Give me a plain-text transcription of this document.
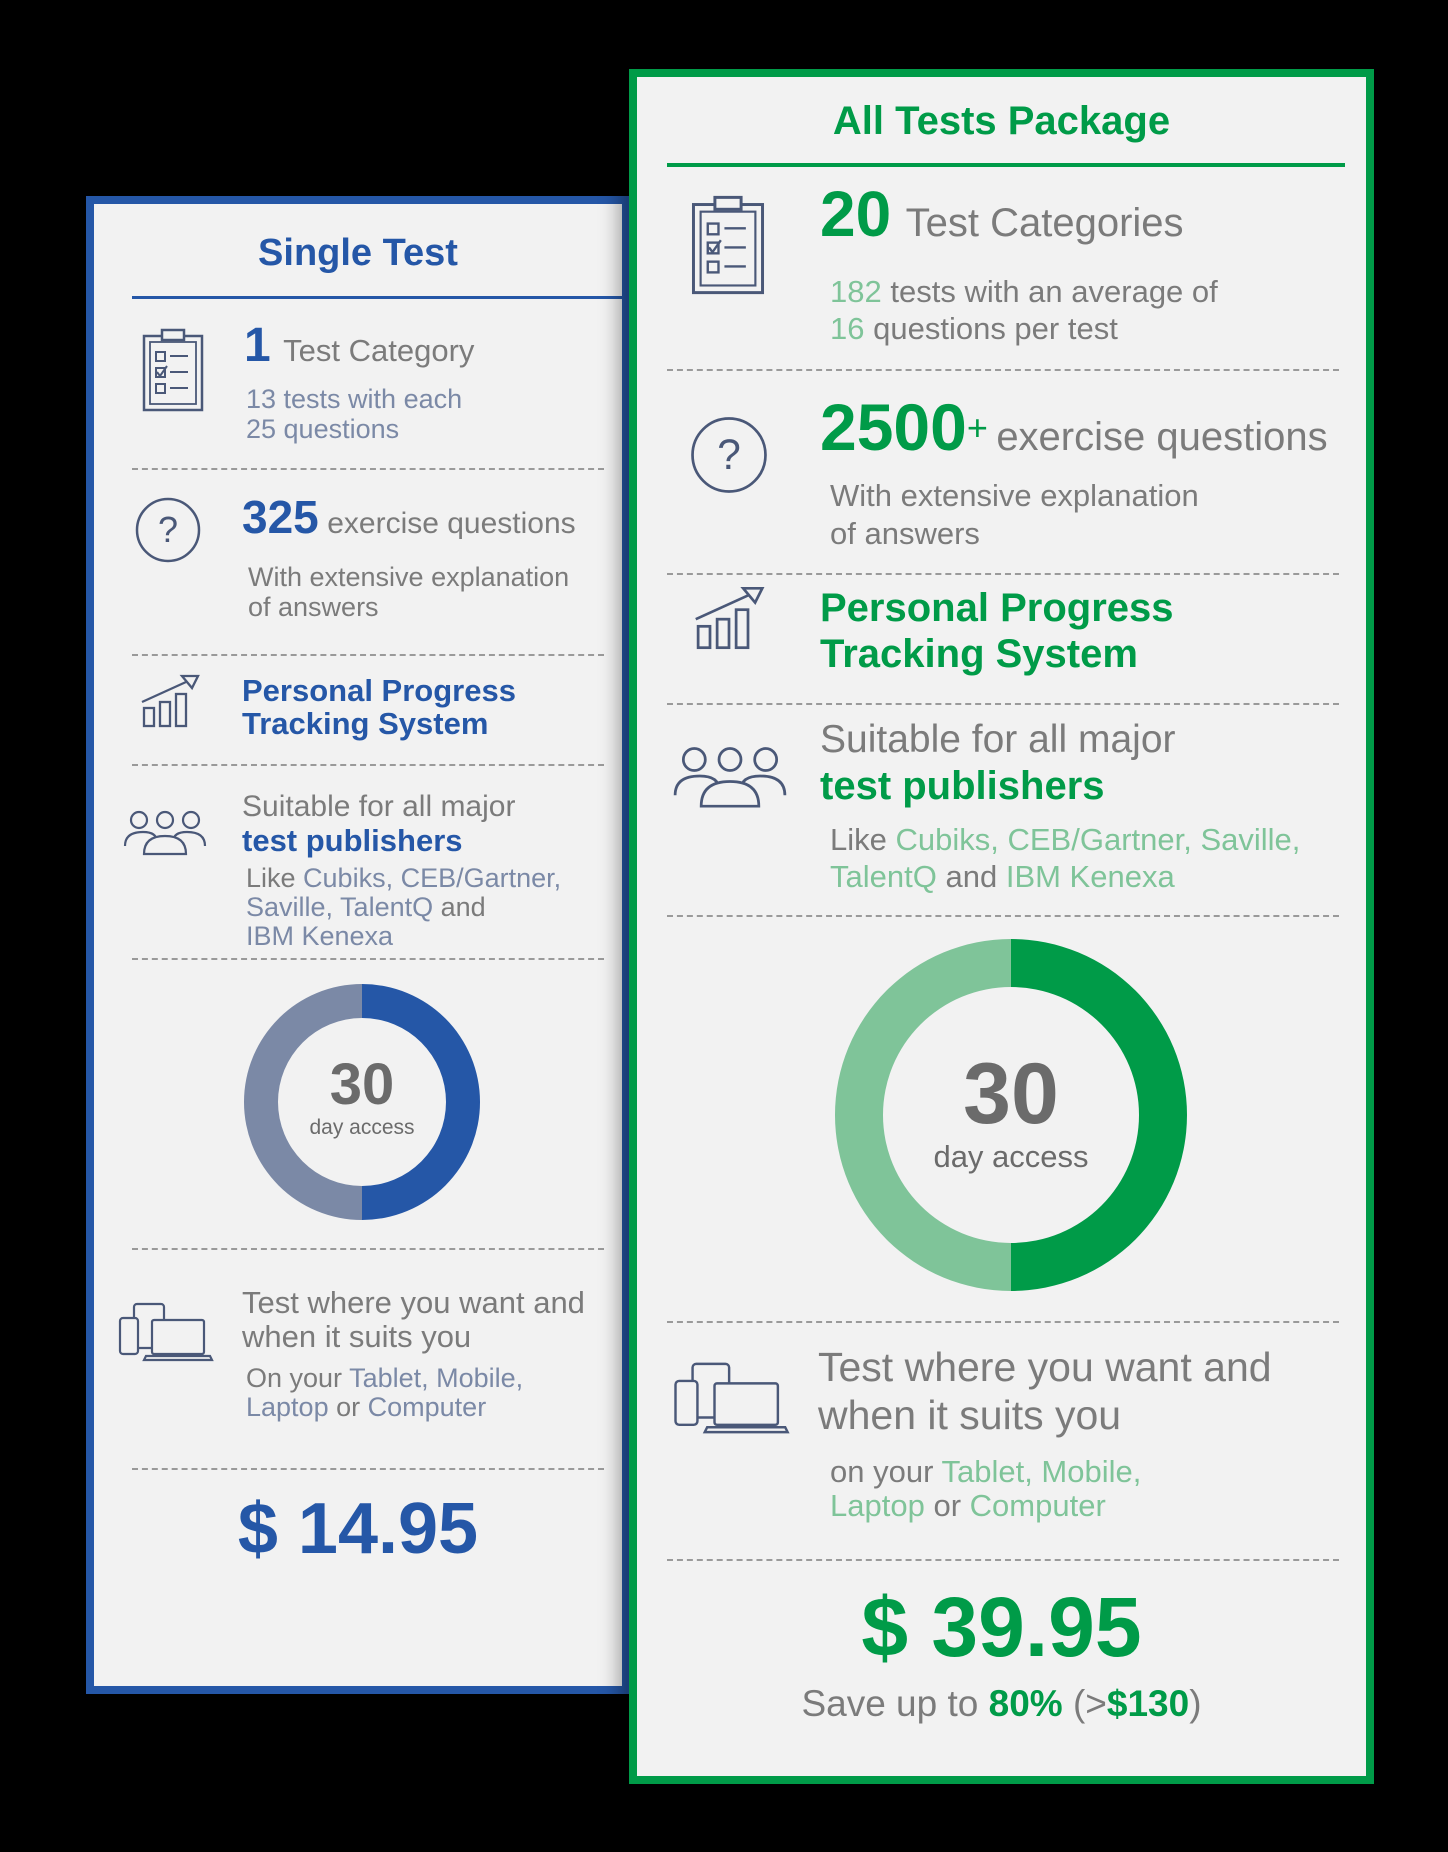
Single Test
1 Test Category
13 tests with each
25 questions
? 325 exercise questions
With extensive explanation
of answers
Personal Progress
Tracking System
Suitable for all major
test publishers
Like Cubiks, CEB/Gartner,
Saville, TalentQ and
IBM Kenexa
30
day access
Test where you want and
when it suits you
On your Tablet, Mobile,
Laptop or Computer
$ 14.95
All Tests Package
20 Test Categories
182 tests with an average of
16 questions per test
? 2500+ exercise questions
With extensive explanation
of answers
Personal Progress
Tracking System
Suitable for all major
test publishers
Like Cubiks, CEB/Gartner, Saville,
TalentQ and IBM Kenexa
30
day access
Test where you want and
when it suits you
on your Tablet, Mobile,
Laptop or Computer
$ 39.95
Save up to 80% (>$130)
